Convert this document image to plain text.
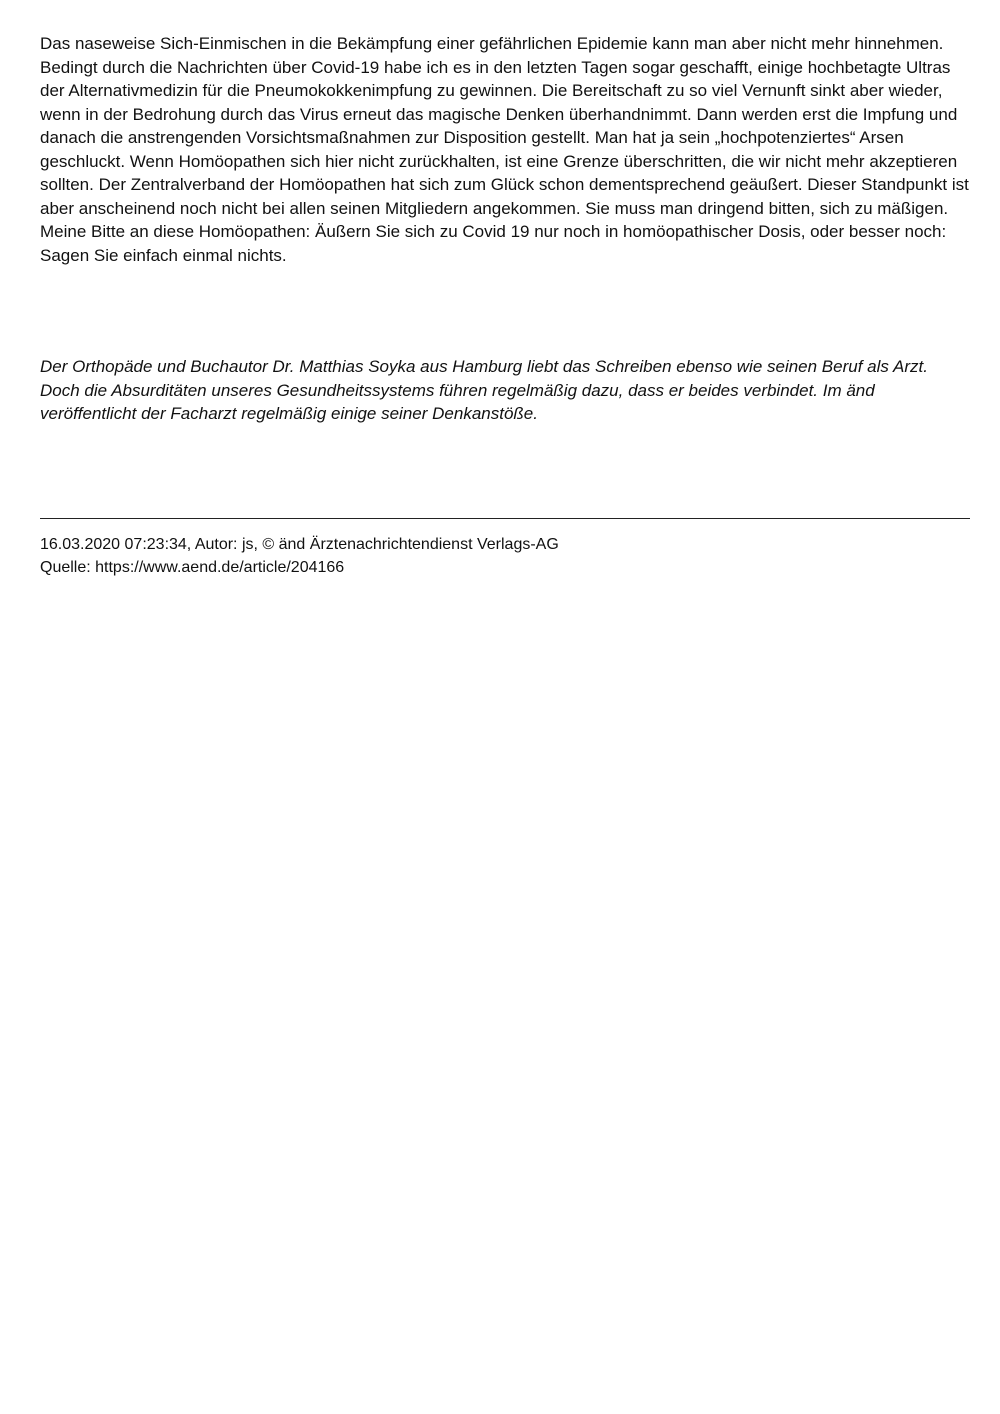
Das naseweise Sich-Einmischen in die Bekämpfung einer gefährlichen Epidemie kann man aber nicht mehr hinnehmen. Bedingt durch die Nachrichten über Covid-19 habe ich es in den letzten Tagen sogar geschafft, einige hochbetagte Ultras der Alternativmedizin für die Pneumokokkenimpfung zu gewinnen. Die Bereitschaft zu so viel Vernunft sinkt aber wieder, wenn in der Bedrohung durch das Virus erneut das magische Denken überhandnimmt. Dann werden erst die Impfung und danach die anstrengenden Vorsichtsmaßnahmen zur Disposition gestellt. Man hat ja sein „hochpotenziertes“ Arsen geschluckt. Wenn Homöopathen sich hier nicht zurückhalten, ist eine Grenze überschritten, die wir nicht mehr akzeptieren sollten. Der Zentralverband der Homöopathen hat sich zum Glück schon dementsprechend geäußert. Dieser Standpunkt ist aber anscheinend noch nicht bei allen seinen Mitgliedern angekommen. Sie muss man dringend bitten, sich zu mäßigen. Meine Bitte an diese Homöopathen: Äußern Sie sich zu Covid 19 nur noch in homöopathischer Dosis, oder besser noch: Sagen Sie einfach einmal nichts.

Der Orthopäde und Buchautor Dr. Matthias Soyka aus Hamburg liebt das Schreiben ebenso wie seinen Beruf als Arzt. Doch die Absurditäten unseres Gesundheitssystems führen regelmäßig dazu, dass er beides verbindet. Im änd veröffentlicht der Facharzt regelmäßig einige seiner Denkanstöße.

16.03.2020 07:23:34, Autor: js, © änd Ärztenachrichtendienst Verlags-AG
Quelle: https://www.aend.de/article/204166
